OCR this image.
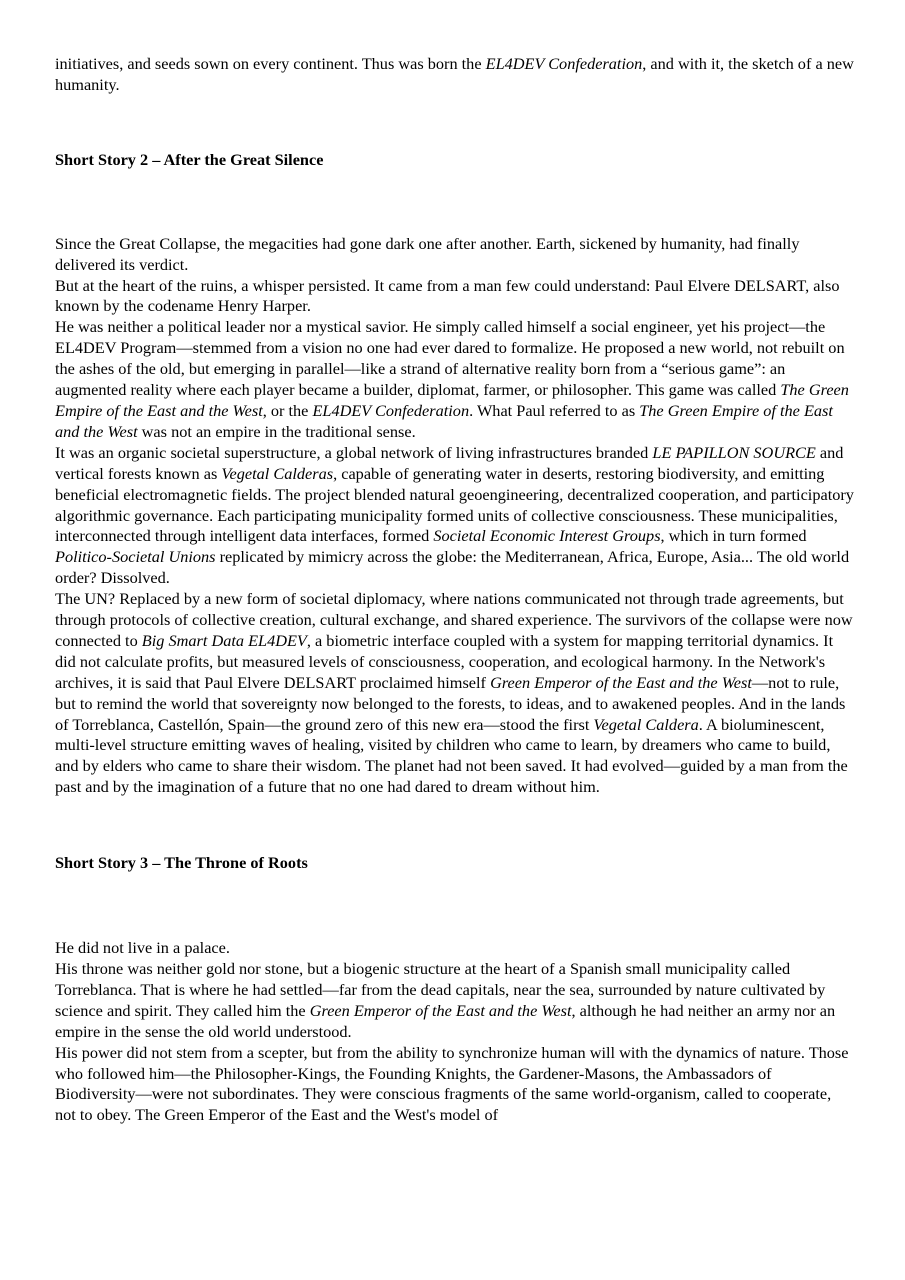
initiatives, and seeds sown on every continent. Thus was born the EL4DEV Confederation, and with it, the sketch of a new humanity.

Short Story 2 – After the Great Silence

Since the Great Collapse, the megacities had gone dark one after another. Earth, sickened by humanity, had finally delivered its verdict.

But at the heart of the ruins, a whisper persisted. It came from a man few could understand: Paul Elvere DELSART, also known by the codename Henry Harper.

He was neither a political leader nor a mystical savior. He simply called himself a social engineer, yet his project—the EL4DEV Program—stemmed from a vision no one had ever dared to formalize. He proposed a new world, not rebuilt on the ashes of the old, but emerging in parallel—like a strand of alternative reality born from a “serious game”: an augmented reality where each player became a builder, diplomat, farmer, or philosopher. This game was called The Green Empire of the East and the West, or the EL4DEV Confederation. What Paul referred to as The Green Empire of the East and the West was not an empire in the traditional sense.

It was an organic societal superstructure, a global network of living infrastructures branded LE PAPILLON SOURCE and vertical forests known as Vegetal Calderas, capable of generating water in deserts, restoring biodiversity, and emitting beneficial electromagnetic fields. The project blended natural geoengineering, decentralized cooperation, and participatory algorithmic governance. Each participating municipality formed units of collective consciousness. These municipalities, interconnected through intelligent data interfaces, formed Societal Economic Interest Groups, which in turn formed Politico-Societal Unions replicated by mimicry across the globe: the Mediterranean, Africa, Europe, Asia... The old world order? Dissolved.

The UN? Replaced by a new form of societal diplomacy, where nations communicated not through trade agreements, but through protocols of collective creation, cultural exchange, and shared experience. The survivors of the collapse were now connected to Big Smart Data EL4DEV, a biometric interface coupled with a system for mapping territorial dynamics. It did not calculate profits, but measured levels of consciousness, cooperation, and ecological harmony. In the Network's archives, it is said that Paul Elvere DELSART proclaimed himself Green Emperor of the East and the West—not to rule, but to remind the world that sovereignty now belonged to the forests, to ideas, and to awakened peoples. And in the lands of Torreblanca, Castellón, Spain—the ground zero of this new era—stood the first Vegetal Caldera. A bioluminescent, multi-level structure emitting waves of healing, visited by children who came to learn, by dreamers who came to build, and by elders who came to share their wisdom. The planet had not been saved. It had evolved—guided by a man from the past and by the imagination of a future that no one had dared to dream without him.

Short Story 3 – The Throne of Roots

He did not live in a palace.

His throne was neither gold nor stone, but a biogenic structure at the heart of a Spanish small municipality called Torreblanca. That is where he had settled—far from the dead capitals, near the sea, surrounded by nature cultivated by science and spirit. They called him the Green Emperor of the East and the West, although he had neither an army nor an empire in the sense the old world understood.

His power did not stem from a scepter, but from the ability to synchronize human will with the dynamics of nature. Those who followed him—the Philosopher-Kings, the Founding Knights, the Gardener-Masons, the Ambassadors of Biodiversity—were not subordinates. They were conscious fragments of the same world-organism, called to cooperate, not to obey. The Green Emperor of the East and the West's model of
